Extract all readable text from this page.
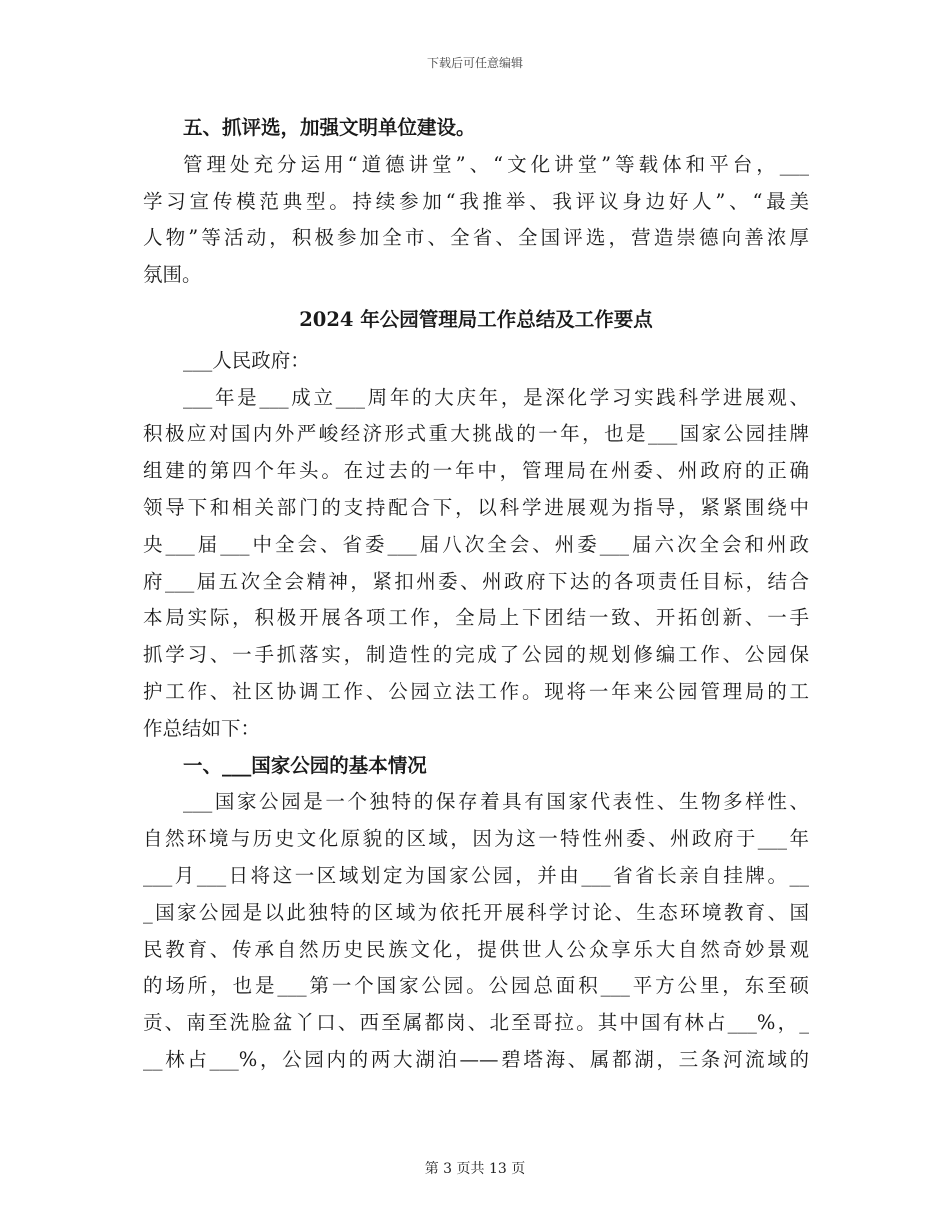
下载后可任意编辑
五、抓评选，加强文明单位建设。
管理处充分运用“道德讲堂”、“文化讲堂”等载体和平台，___
学习宣传模范典型。持续参加“我推举、我评议身边好人”、“最美
人物”等活动，积极参加全市、全省、全国评选，营造崇德向善浓厚
氛围。
2024 年公园管理局工作总结及工作要点
___人民政府：
___年是___成立___周年的大庆年，是深化学习实践科学进展观、
积极应对国内外严峻经济形式重大挑战的一年，也是___国家公园挂牌
组建的第四个年头。在过去的一年中，管理局在州委、州政府的正确
领导下和相关部门的支持配合下，以科学进展观为指导，紧紧围绕中
央___届___中全会、省委___届八次全会、州委___届六次全会和州政
府___届五次全会精神，紧扣州委、州政府下达的各项责任目标，结合
本局实际，积极开展各项工作，全局上下团结一致、开拓创新、一手
抓学习、一手抓落实，制造性的完成了公园的规划修编工作、公园保
护工作、社区协调工作、公园立法工作。现将一年来公园管理局的工
作总结如下：
一、___国家公园的基本情况
___国家公园是一个独特的保存着具有国家代表性、生物多样性、
自然环境与历史文化原貌的区域，因为这一特性州委、州政府于___年
___月___日将这一区域划定为国家公园，并由___省省长亲自挂牌。__
_国家公园是以此独特的区域为依托开展科学讨论、生态环境教育、国
民教育、传承自然历史民族文化，提供世人公众享乐大自然奇妙景观
的场所，也是___第一个国家公园。公园总面积___平方公里，东至硕
贡、南至洗脸盆丫口、西至属都岗、北至哥拉。其中国有林占___%，_
__林占___%，公园内的两大湖泊——碧塔海、属都湖，三条河流域的
第 3 页共 13 页
